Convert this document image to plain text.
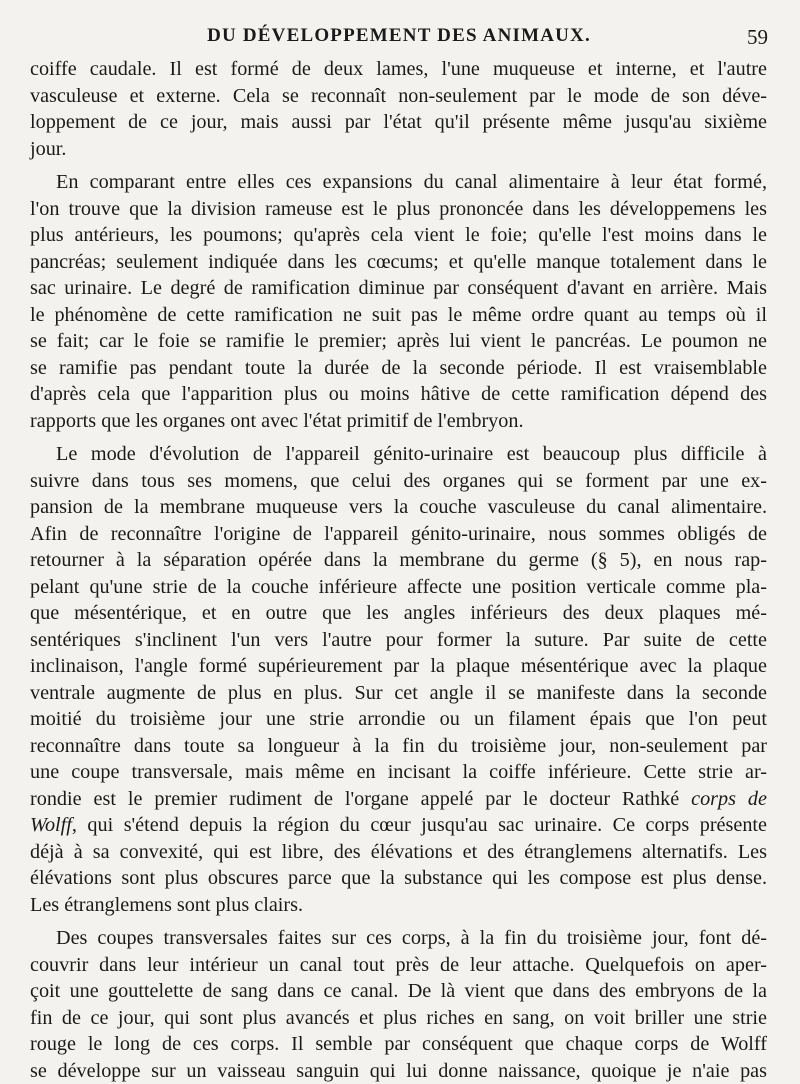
DU DÉVELOPPEMENT DES ANIMAUX.	59

coiffe caudale. Il est formé de deux lames, l'une muqueuse et interne, et l'autre

vasculeuse et externe. Cela se reconnaît non-seulement par le mode de son déve-

loppement de ce jour, mais aussi par l'état qu'il présente même jusqu'au sixième

jour.

En comparant entre elles ces expansions du canal alimentaire à leur état formé,

l'on trouve que la division rameuse est le plus prononcée dans les développemens les

plus antérieurs, les poumons; qu'après cela vient le foie; qu'elle l'est moins dans le

pancréas; seulement indiquée dans les cœcums; et qu'elle manque totalement dans le

sac urinaire. Le degré de ramification diminue par conséquent d'avant en arrière. Mais

le phénomène de cette ramification ne suit pas le même ordre quant au temps où il

se fait; car le foie se ramifie le premier; après lui vient le pancréas. Le poumon ne

se ramifie pas pendant toute la durée de la seconde période. Il est vraisemblable

d'après cela que l'apparition plus ou moins hâtive de cette ramification dépend des

rapports que les organes ont avec l'état primitif de l'embryon.

Le mode d'évolution de l'appareil génito-urinaire est beaucoup plus difficile à

suivre dans tous ses momens, que celui des organes qui se forment par une ex-

pansion de la membrane muqueuse vers la couche vasculeuse du canal alimentaire.

Afin de reconnaître l'origine de l'appareil génito-urinaire, nous sommes obligés de

retourner à la séparation opérée dans la membrane du germe (§ 5), en nous rap-

pelant qu'une strie de la couche inférieure affecte une position verticale comme pla-

que mésentérique, et en outre que les angles inférieurs des deux plaques mé-

sentériques s'inclinent l'un vers l'autre pour former la suture. Par suite de cette

inclinaison, l'angle formé supérieurement par la plaque mésentérique avec la plaque

ventrale augmente de plus en plus. Sur cet angle il se manifeste dans la seconde

moitié du troisième jour une strie arrondie ou un filament épais que l'on peut

reconnaître dans toute sa longueur à la fin du troisième jour, non-seulement par

une coupe transversale, mais même en incisant la coiffe inférieure. Cette strie ar-

rondie est le premier rudiment de l'organe appelé par le docteur Rathké corps de

Wolff, qui s'étend depuis la région du cœur jusqu'au sac urinaire. Ce corps présente

déjà à sa convexité, qui est libre, des élévations et des étranglemens alternatifs. Les

élévations sont plus obscures parce que la substance qui les compose est plus dense.

Les étranglemens sont plus clairs.

Des coupes transversales faites sur ces corps, à la fin du troisième jour, font dé-

couvrir dans leur intérieur un canal tout près de leur attache. Quelquefois on aper-

çoit une gouttelette de sang dans ce canal. De là vient que dans des embryons de la

fin de ce jour, qui sont plus avancés et plus riches en sang, on voit briller une strie

rouge le long de ces corps. Il semble par conséquent que chaque corps de Wolff

se développe sur un vaisseau sanguin qui lui donne naissance, quoique je n'aie pas
